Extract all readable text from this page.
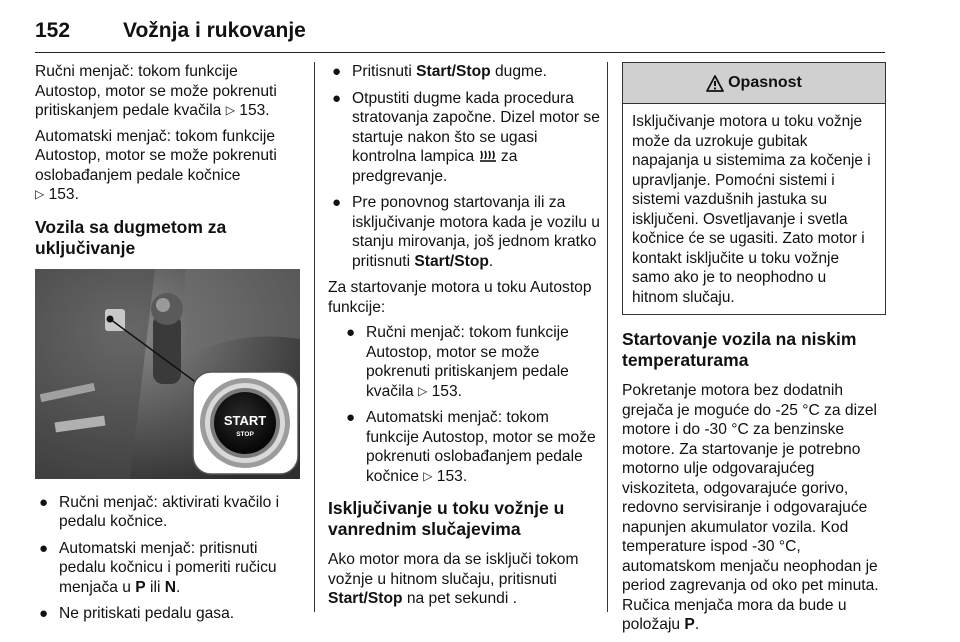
152	Vožnja i rukovanje

Ručni menjač: tokom funkcije Autostop, motor se može pokrenuti pritiskanjem pedale kvačila ▷ 153.

Automatski menjač: tokom funkcije Autostop, motor se može pokrenuti oslobađanjem pedale kočnice
▷ 153.

Vozila sa dugmetom za uključivanje
START
STOP
● Ručni menjač: aktivirati kvačilo i pedalu kočnice.
● Automatski menjač: pritisnuti pedalu kočnicu i pomeriti ručicu menjača u P ili N.
● Ne pritiskati pedalu gasa.
● Pritisnuti Start/Stop dugme.
● Otpustiti dugme kada procedura stratovanja započne. Dizel motor se startuje nakon što se ugasi kontrolna lampica  za predgrevanje.
● Pre ponovnog startovanja ili za isključivanje motora kada je vozilu u stanju mirovanja, još jednom kratko pritisnuti Start/Stop.

Za startovanje motora u toku Autostop funkcije:

● Ručni menjač: tokom funkcije Autostop, motor se može pokrenuti pritiskanjem pedale kvačila ▷ 153.
● Automatski menjač: tokom funkcije Autostop, motor se može pokrenuti oslobađanjem pedale kočnice ▷ 153.
Isključivanje u toku vožnje u vanrednim slučajevima

Ako motor mora da se isključi tokom vožnje u hitnom slučaju, pritisnuti Start/Stop na pet sekundi .

Opasnost
Isključivanje motora u toku vožnje može da uzrokuje gubitak napajanja u sistemima za kočenje i upravljanje. Pomoćni sistemi i sistemi vazdušnih jastuka su isključeni. Osvetljavanje i svetla kočnice će se ugasiti. Zato motor i kontakt isključite u toku vožnje samo ako je to neophodno u hitnom slučaju.
Startovanje vozila na niskim temperaturama

Pokretanje motora bez dodatnih grejača je moguće do -25 °C za dizel motore i do -30 °C za benzinske motore. Za startovanje je potrebno motorno ulje odgovarajućeg viskoziteta, odgovarajuće gorivo, redovno servisiranje i odgovarajuće napunjen akumulator vozila. Kod temperature ispod -30 °C, automatskom menjaču neophodan je period zagrevanja od oko pet minuta. Ručica menjača mora da bude u položaju P.
